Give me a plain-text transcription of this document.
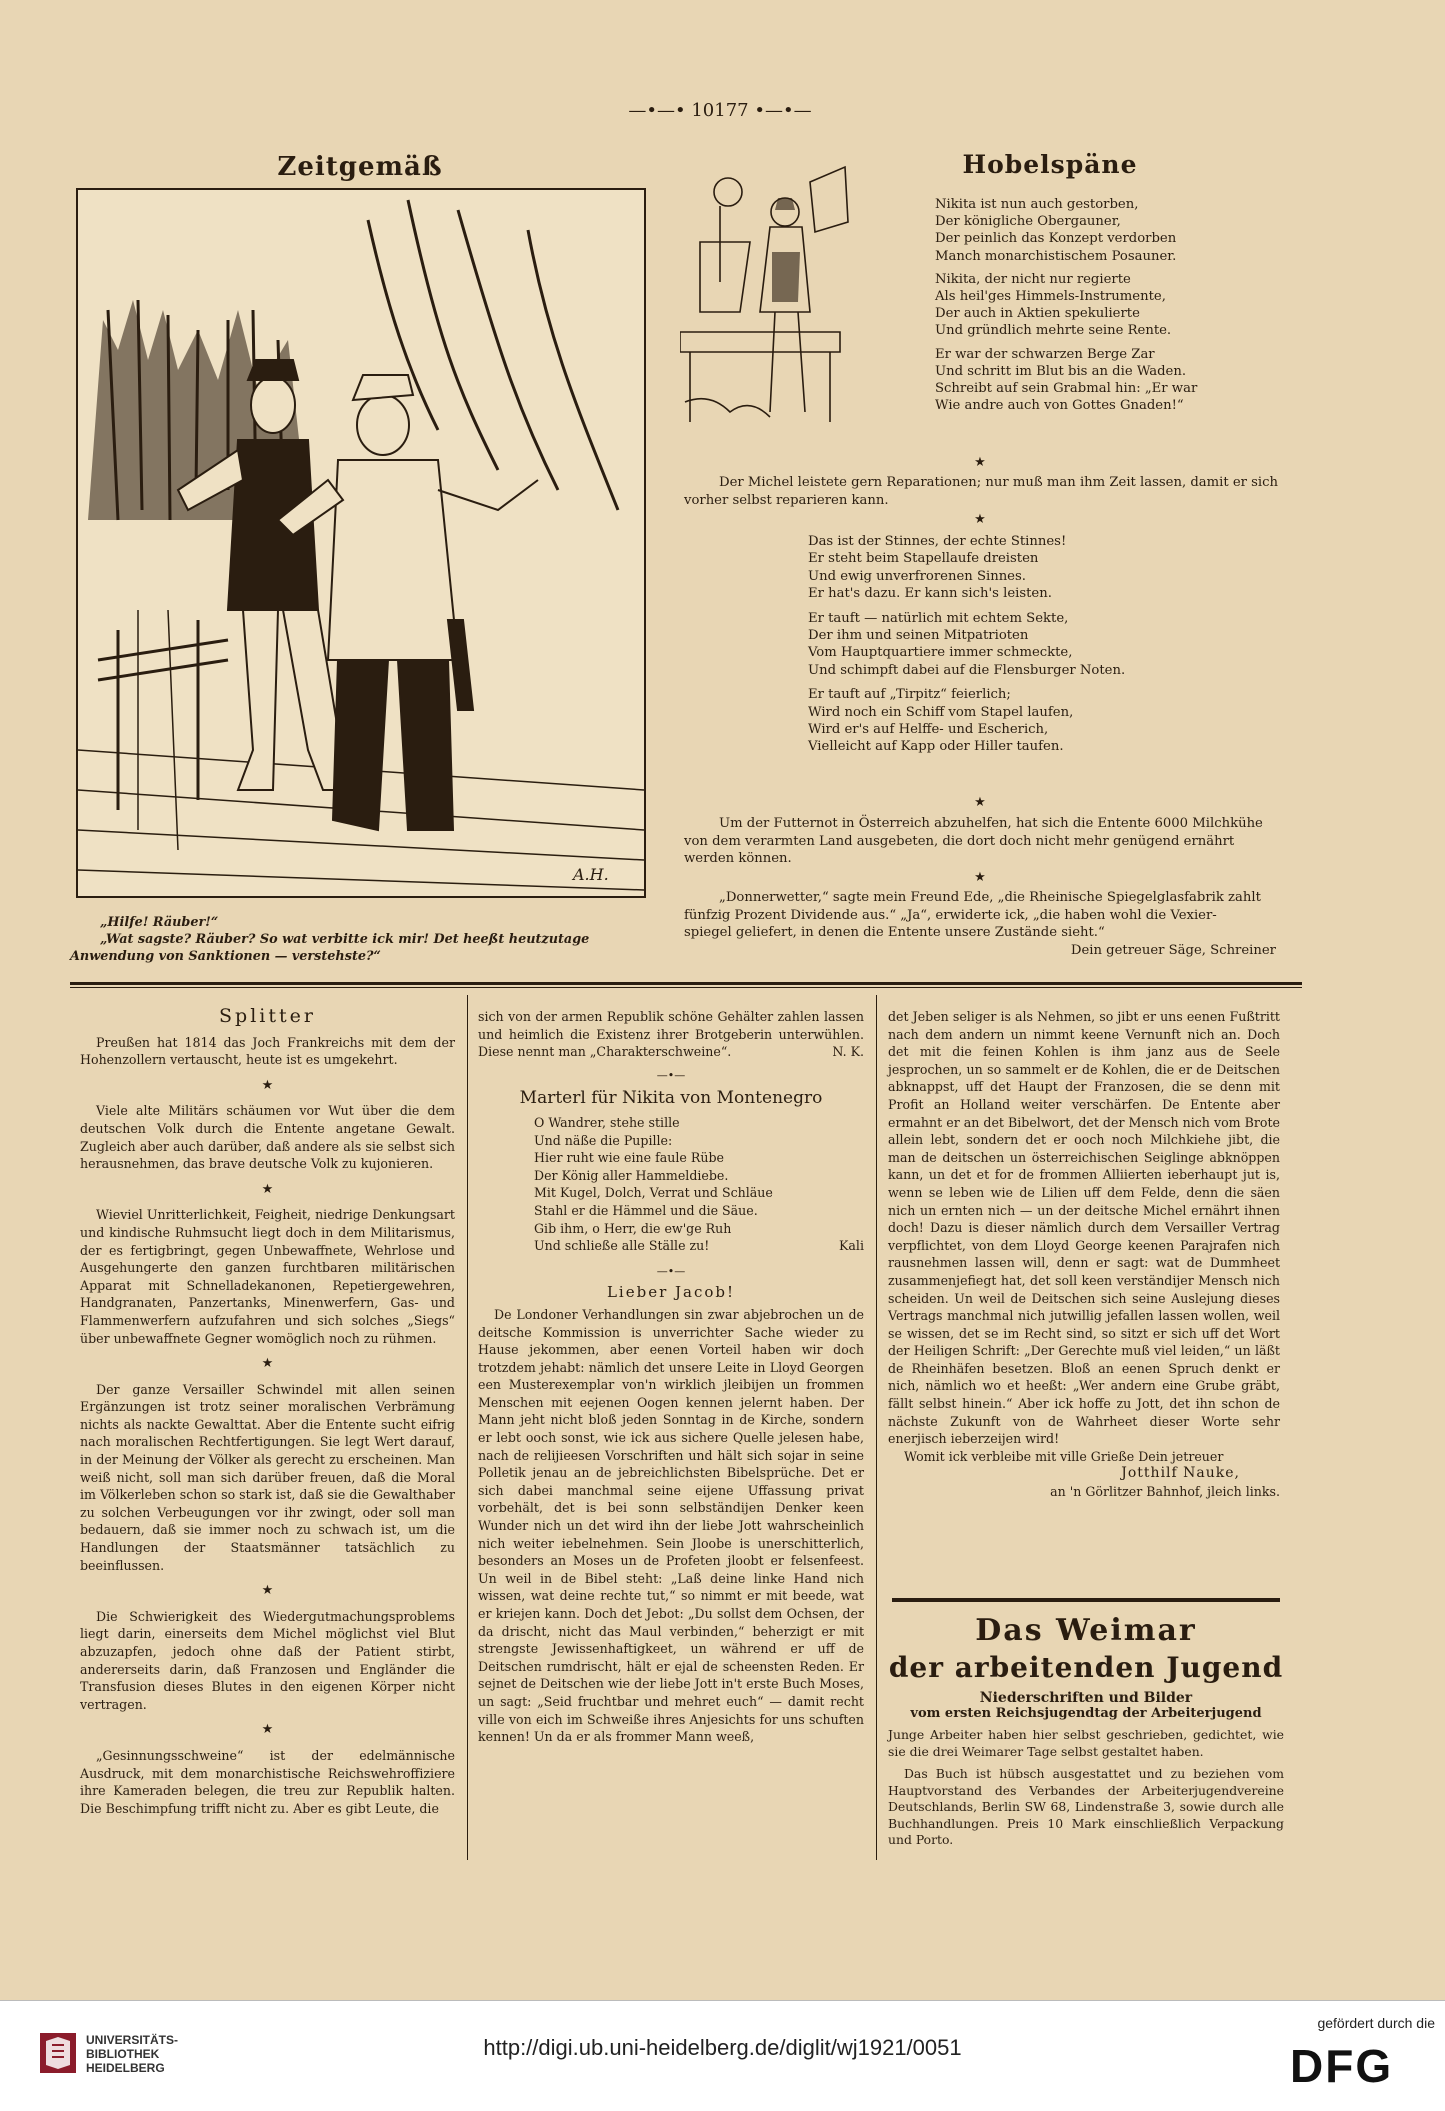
—•—• 10177 •—•—
Zeitgemäß
A.H.
„Hilfe! Räuber!“
„Wat sagste? Räuber? So wat verbitte ick mir! Det heeßt heutzutage
Anwendung von Sanktionen — verstehste?“
Hobelspäne
Nikita ist nun auch gestorben,
Der königliche Obergauner,
Der peinlich das Konzept verdorben
Manch monarchistischem Posauner.
Nikita, der nicht nur regierte
Als heil'ges Himmels-Instrumente,
Der auch in Aktien spekulierte
Und gründlich mehrte seine Rente.
Er war der schwarzen Berge Zar
Und schritt im Blut bis an die Waden.
Schreibt auf sein Grabmal hin: „Er war
Wie andre auch von Gottes Gnaden!“
★
Der Michel leistete gern Reparationen; nur muß man ihm Zeit lassen, damit er sich
vorher selbst reparieren kann.
★
Das ist der Stinnes, der echte Stinnes!
Er steht beim Stapellaufe dreisten
Und ewig unverfrorenen Sinnes.
Er hat's dazu. Er kann sich's leisten.
Er tauft — natürlich mit echtem Sekte,
Der ihm und seinen Mitpatrioten
Vom Hauptquartiere immer schmeckte,
Und schimpft dabei auf die Flensburger Noten.
Er tauft auf „Tirpitz“ feierlich;
Wird noch ein Schiff vom Stapel laufen,
Wird er's auf Helffe- und Escherich,
Vielleicht auf Kapp oder Hiller taufen.
★
Um der Futternot in Österreich abzuhelfen, hat sich die Entente 6000 Milchkühe
von dem verarmten Land ausgebeten, die dort doch nicht mehr genügend ernährt
werden können.
★
„Donnerwetter,“ sagte mein Freund Ede, „die Rheinische Spiegelglasfabrik zahlt
fünfzig Prozent Dividende aus.“ „Ja“, erwiderte ick, „die haben wohl die Vexier-
spiegel geliefert, in denen die Entente unsere Zustände sieht.“
Dein getreuer Säge, Schreiner
Splitter

Preußen hat 1814 das Joch Frankreichs mit dem der Hohenzollern vertauscht, heute ist es umgekehrt.

★

Viele alte Militärs schäumen vor Wut über die dem deutschen Volk durch die Entente angetane Gewalt. Zugleich aber auch darüber, daß andere als sie selbst sich herausnehmen, das brave deutsche Volk zu kujonieren.

★

Wieviel Unritterlichkeit, Feigheit, niedrige Denkungsart und kindische Ruhmsucht liegt doch in dem Militarismus, der es fertigbringt, gegen Unbewaffnete, Wehrlose und Ausgehungerte den ganzen furchtbaren militärischen Apparat mit Schnelladekanonen, Repetiergewehren, Handgranaten, Panzertanks, Minenwerfern, Gas- und Flammenwerfern aufzufahren und sich solches „Siegs“ über unbewaffnete Gegner womöglich noch zu rühmen.

★

Der ganze Versailler Schwindel mit allen seinen Ergänzungen ist trotz seiner moralischen Verbrämung nichts als nackte Gewalttat. Aber die Entente sucht eifrig nach moralischen Rechtfertigungen. Sie legt Wert darauf, in der Meinung der Völker als gerecht zu erscheinen. Man weiß nicht, soll man sich darüber freuen, daß die Moral im Völkerleben schon so stark ist, daß sie die Gewalthaber zu solchen Verbeugungen vor ihr zwingt, oder soll man bedauern, daß sie immer noch zu schwach ist, um die Handlungen der Staatsmänner tatsächlich zu beeinflussen.

★

Die Schwierigkeit des Wiedergutmachungsproblems liegt darin, einerseits dem Michel möglichst viel Blut abzuzapfen, jedoch ohne daß der Patient stirbt, andererseits darin, daß Franzosen und Engländer die Transfusion dieses Blutes in den eigenen Körper nicht vertragen.

★

„Gesinnungsschweine“ ist der edelmännische Ausdruck, mit dem monarchistische Reichswehroffiziere ihre Kameraden belegen, die treu zur Republik halten. Die Beschimpfung trifft nicht zu. Aber es gibt Leute, die

sich von der armen Republik schöne Gehälter zahlen lassen und heimlich die Existenz ihrer Brotgeberin unterwühlen. Diese nennt man „Charakterschweine“.	N. K.
—•—
Marterl für Nikita von Montenegro
O Wandrer, stehe stille
Und näße die Pupille:
Hier ruht wie eine faule Rübe
Der König aller Hammeldiebe.
Mit Kugel, Dolch, Verrat und Schläue
Stahl er die Hämmel und die Säue.
Gib ihm, o Herr, die ew'ge Ruh
Und schließe alle Ställe zu!	Kali
—•—
Lieber Jacob!

De Londoner Verhandlungen sin zwar abjebrochen un de deitsche Kommission is unverrichter Sache wieder zu Hause jekommen, aber eenen Vorteil haben wir doch trotzdem jehabt: nämlich det unsere Leite in Lloyd Georgen een Musterexemplar von'n wirklich jleibijen un frommen Menschen mit eejenen Oogen kennen jelernt haben. Der Mann jeht nicht bloß jeden Sonntag in de Kirche, sondern er lebt ooch sonst, wie ick aus sichere Quelle jelesen habe, nach de relijieesen Vorschriften und hält sich sojar in seine Polletik jenau an de jebreichlichsten Bibelsprüche. Det er sich dabei manchmal seine eijene Uffassung privat vorbehält, det is bei sonn selbständijen Denker keen Wunder nich un det wird ihn der liebe Jott wahrscheinlich nich weiter iebelnehmen. Sein Jloobe is unerschitterlich, besonders an Moses un de Profeten jloobt er felsenfeest. Un weil in de Bibel steht: „Laß deine linke Hand nich wissen, wat deine rechte tut,“ so nimmt er mit beede, wat er kriejen kann. Doch det Jebot: „Du sollst dem Ochsen, der da drischt, nicht das Maul verbinden,“ beherzigt er mit strengste Jewissenhaftigkeet, un während er uff de Deitschen rumdrischt, hält er ejal de scheensten Reden. Er sejnet de Deitschen wie der liebe Jott in't erste Buch Moses, un sagt: „Seid fruchtbar und mehret euch“ — damit recht ville von eich im Schweiße ihres Anjesichts for uns schuften kennen! Un da er als frommer Mann weeß,

det Jeben seliger is als Nehmen, so jibt er uns eenen Fußtritt nach dem andern un nimmt keene Vernunft nich an. Doch det mit die feinen Kohlen is ihm janz aus de Seele jesprochen, un so sammelt er de Kohlen, die er de Deitschen abknappst, uff det Haupt der Franzosen, die se denn mit Profit an Holland weiter verschärfen. De Entente aber ermahnt er an det Bibelwort, det der Mensch nich vom Brote allein lebt, sondern det er ooch noch Milchkiehe jibt, die man de deitschen un österreichischen Seiglinge abknöppen kann, un det et for de frommen Alliierten ieberhaupt jut is, wenn se leben wie de Lilien uff dem Felde, denn die säen nich un ernten nich — un der deitsche Michel ernährt ihnen doch! Dazu is dieser nämlich durch dem Versailler Vertrag verpflichtet, von dem Lloyd George keenen Parajrafen nich rausnehmen lassen will, denn er sagt: wat de Dummheet zusammenjefiegt hat, det soll keen verständijer Mensch nich scheiden. Un weil de Deitschen sich seine Auslejung dieses Vertrags manchmal nich jutwillig jefallen lassen wollen, weil se wissen, det se im Recht sind, so sitzt er sich uff det Wort der Heiligen Schrift: „Der Gerechte muß viel leiden,“ un läßt de Rheinhäfen besetzen. Bloß an eenen Spruch denkt er nich, nämlich wo et heeßt: „Wer andern eine Grube gräbt, fällt selbst hinein.“ Aber ick hoffe zu Jott, det ihn schon de nächste Zukunft von de Wahrheet dieser Worte sehr enerjisch ieberzeijen wird!

Womit ick verbleibe mit ville Grieße Dein jetreuer

Jotthilf Nauke,
an 'n Görlitzer Bahnhof, jleich links.
Das Weimar
der arbeitenden Jugend
Niederschriften und Bilder
vom ersten Reichsjugendtag der Arbeiterjugend
Junge Arbeiter haben hier selbst geschrieben, gedichtet, wie sie die drei Weimarer Tage selbst gestaltet haben.
Das Buch ist hübsch ausgestattet und zu beziehen vom Hauptvorstand des Verbandes der Arbeiterjugendvereine Deutschlands, Berlin SW 68, Lindenstraße 3, sowie durch alle Buchhandlungen. Preis 10 Mark einschließlich Verpackung und Porto.
UNIVERSITÄTS-
BIBLIOTHEK
HEIDELBERG
http://digi.ub.uni-heidelberg.de/diglit/wj1921/0051
gefördert durch die
DFG
